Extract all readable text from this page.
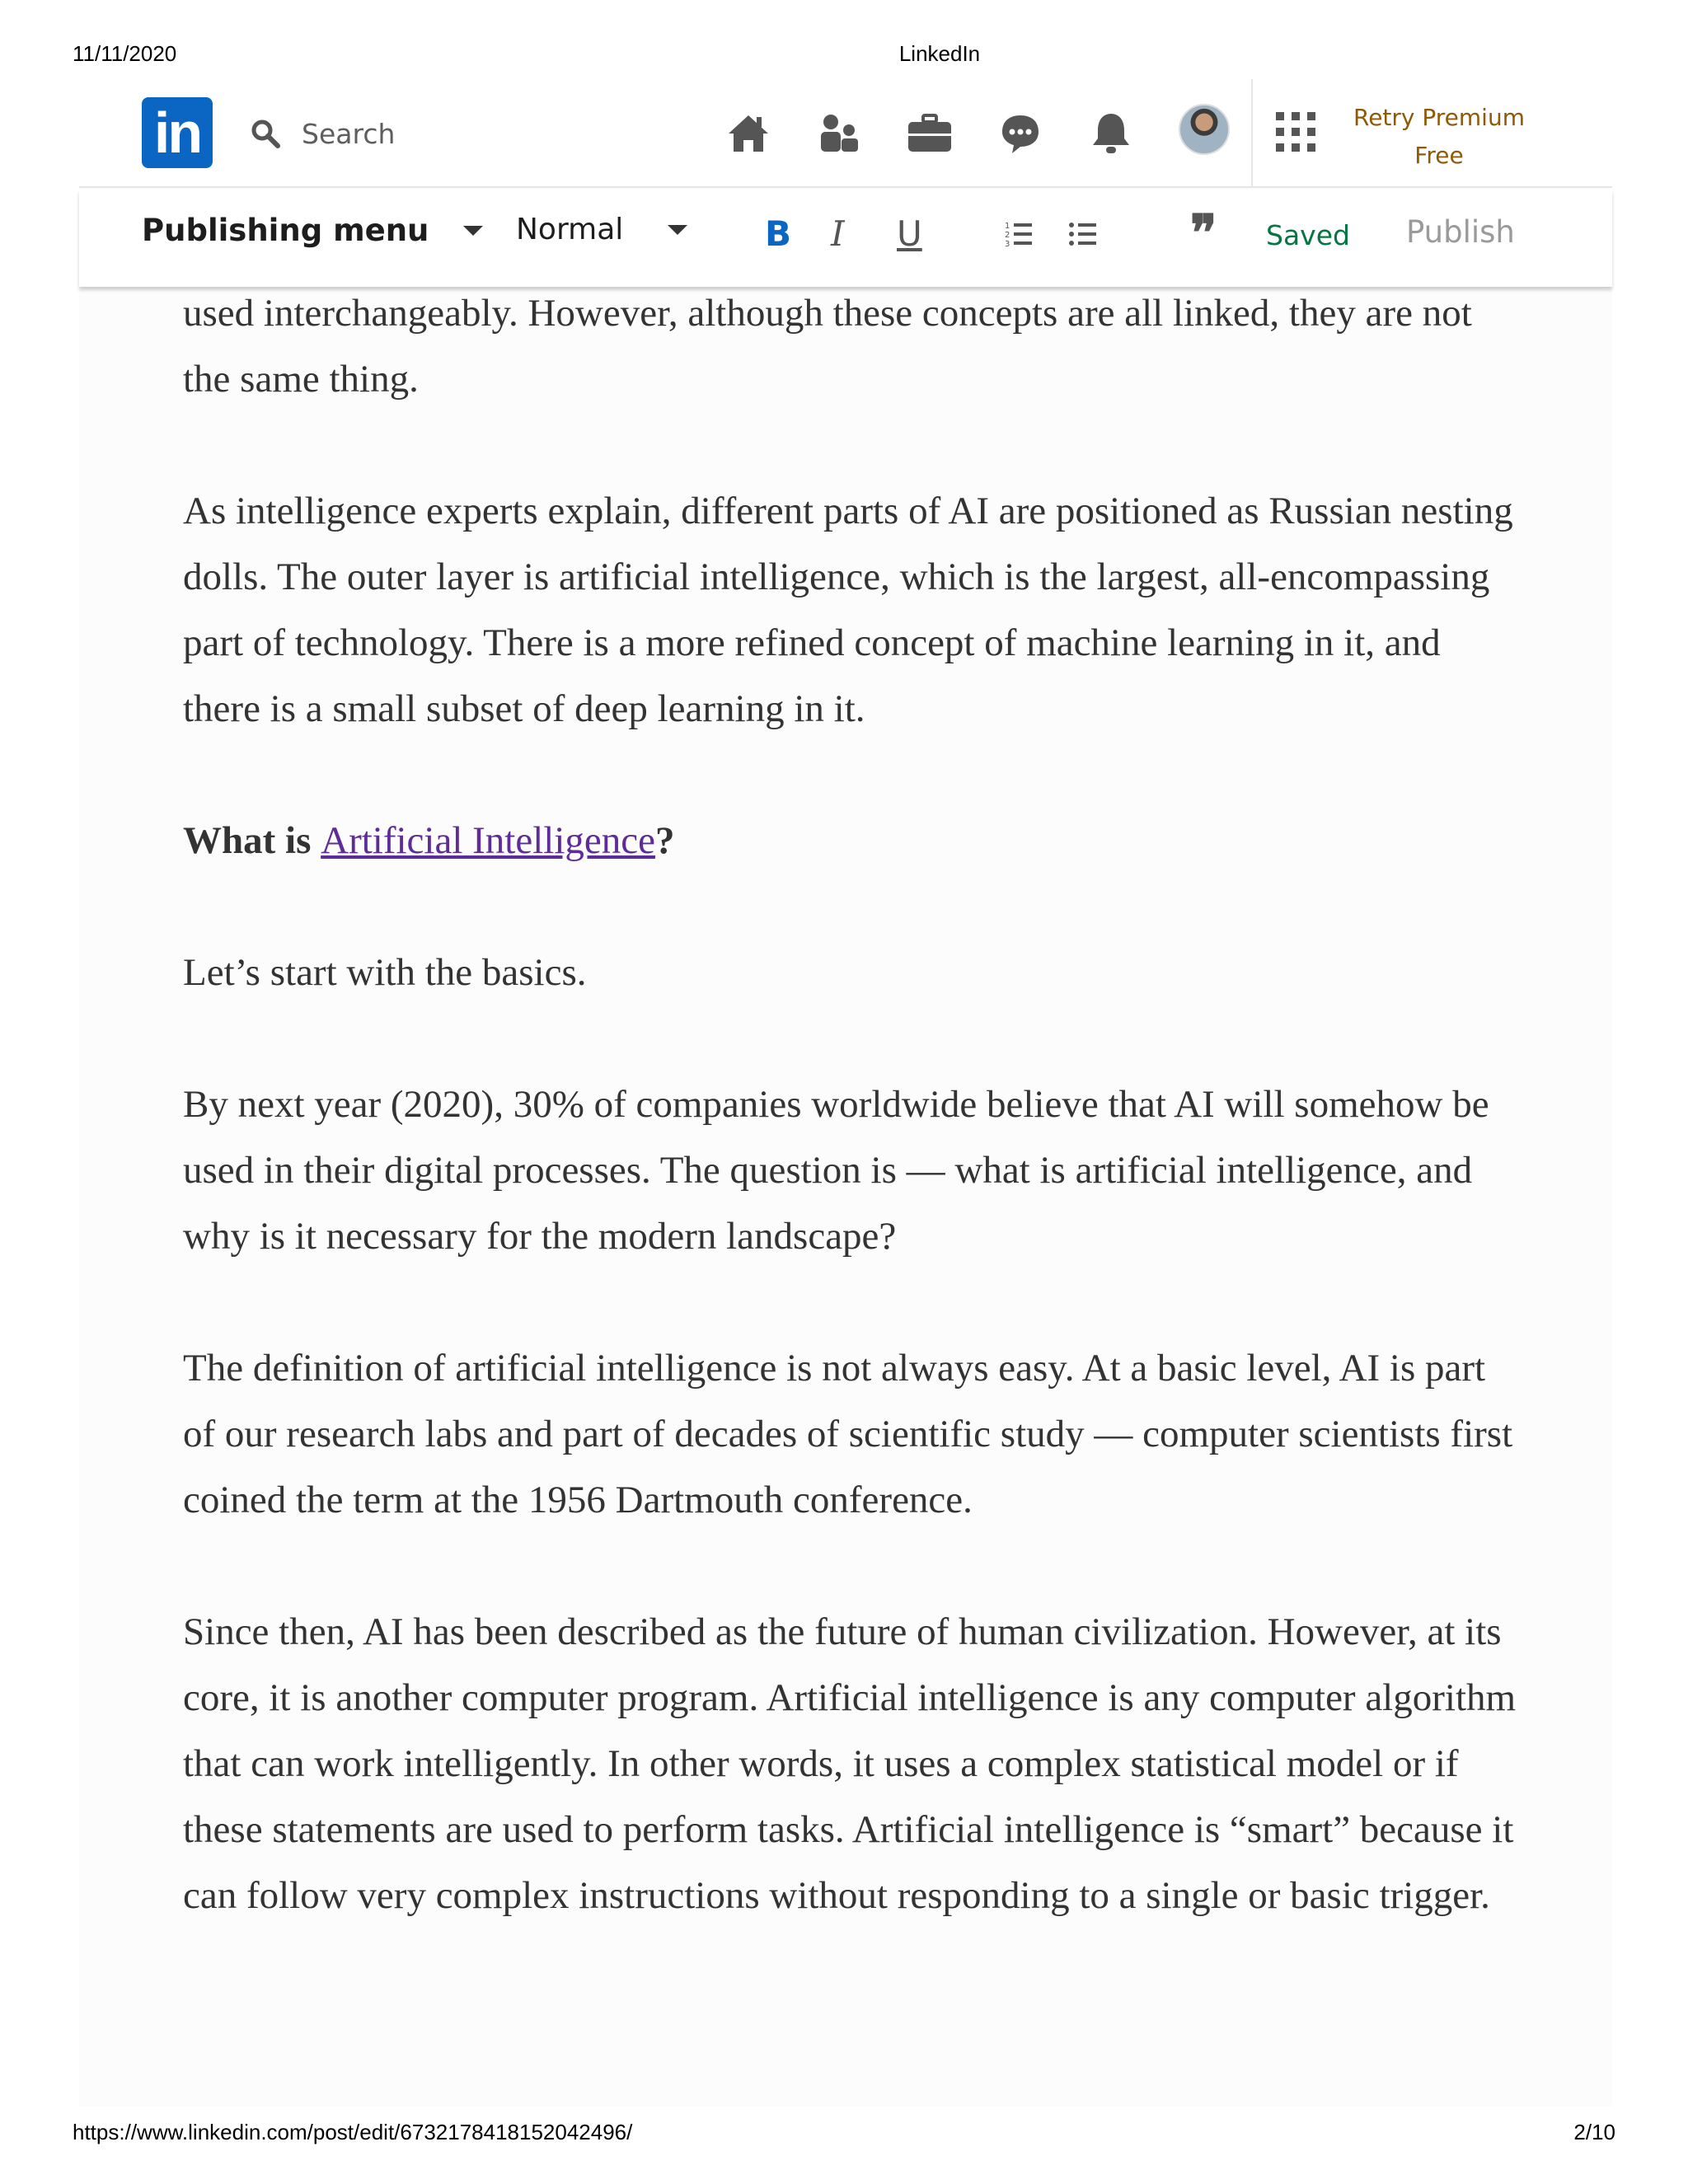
11/11/2020	LinkedIn
in
Search	Retry Premium
Free
Publishing menu	Normal	B I U	1
2
3	❞ Saved Publish

used interchangeably. However, although these concepts are all linked, they are not the same thing.

As intelligence experts explain, different parts of AI are positioned as Russian nesting dolls. The outer layer is artificial intelligence, which is the largest, all-encompassing part of technology. There is a more refined concept of machine learning in it, and there is a small subset of deep learning in it.

What is Artificial Intelligence?

Let’s start with the basics.

By next year (2020), 30% of companies worldwide believe that AI will somehow be used in their digital processes. The question is — what is artificial intelligence, and why is it necessary for the modern landscape?

The definition of artificial intelligence is not always easy. At a basic level, AI is part of our research labs and part of decades of scientific study — computer scientists first coined the term at the 1956 Dartmouth conference.

Since then, AI has been described as the future of human civilization. However, at its core, it is another computer program. Artificial intelligence is any computer algorithm that can work intelligently. In other words, it uses a complex statistical model or if these statements are used to perform tasks. Artificial intelligence is “smart” because it can follow very complex instructions without responding to a single or basic trigger.

https://www.linkedin.com/post/edit/6732178418152042496/	2/10
